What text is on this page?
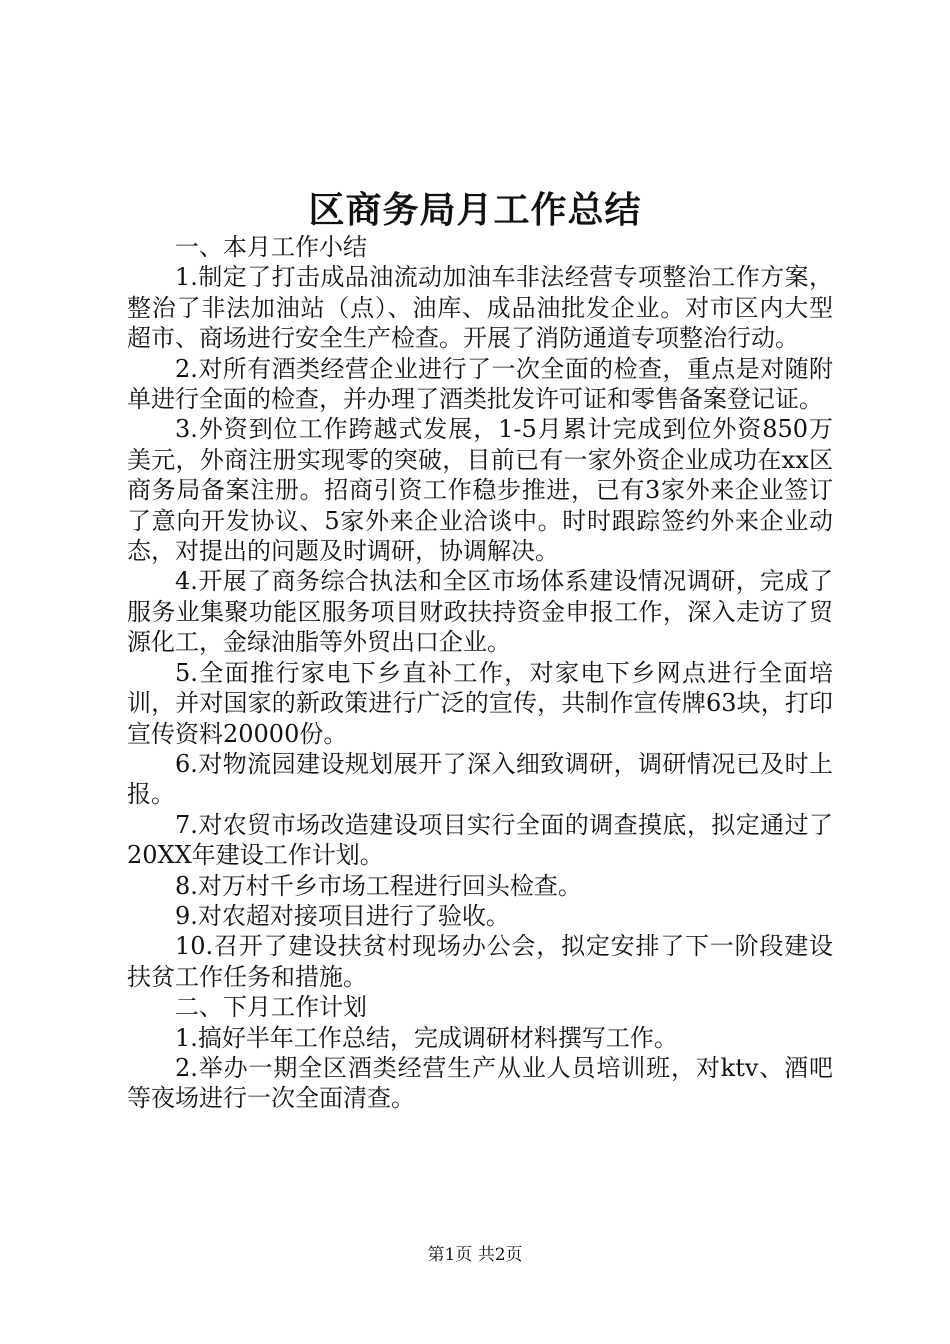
区商务局月工作总结

一、本月工作小结

1.制定了打击成品油流动加油车非法经营专项整治工作方案，整治了非法加油站（点）、油库、成品油批发企业。对市区内大型超市、商场进行安全生产检查。开展了消防通道专项整治行动。

2.对所有酒类经营企业进行了一次全面的检查，重点是对随附单进行全面的检查，并办理了酒类批发许可证和零售备案登记证。

3.外资到位工作跨越式发展，1-5月累计完成到位外资850万美元，外商注册实现零的突破，目前已有一家外资企业成功在xx区商务局备案注册。招商引资工作稳步推进，已有3家外来企业签订了意向开发协议、5家外来企业洽谈中。时时跟踪签约外来企业动态，对提出的问题及时调研，协调解决。

4.开展了商务综合执法和全区市场体系建设情况调研，完成了服务业集聚功能区服务项目财政扶持资金申报工作，深入走访了贸源化工，金绿油脂等外贸出口企业。

5.全面推行家电下乡直补工作，对家电下乡网点进行全面培训，并对国家的新政策进行广泛的宣传，共制作宣传牌63块，打印宣传资料20000份。

6.对物流园建设规划展开了深入细致调研，调研情况已及时上报。

7.对农贸市场改造建设项目实行全面的调查摸底，拟定通过了20XX年建设工作计划。

8.对万村千乡市场工程进行回头检查。

9.对农超对接项目进行了验收。

10.召开了建设扶贫村现场办公会，拟定安排了下一阶段建设扶贫工作任务和措施。

二、下月工作计划

1.搞好半年工作总结，完成调研材料撰写工作。

2.举办一期全区酒类经营生产从业人员培训班，对ktv、酒吧等夜场进行一次全面清查。

第1页 共2页
